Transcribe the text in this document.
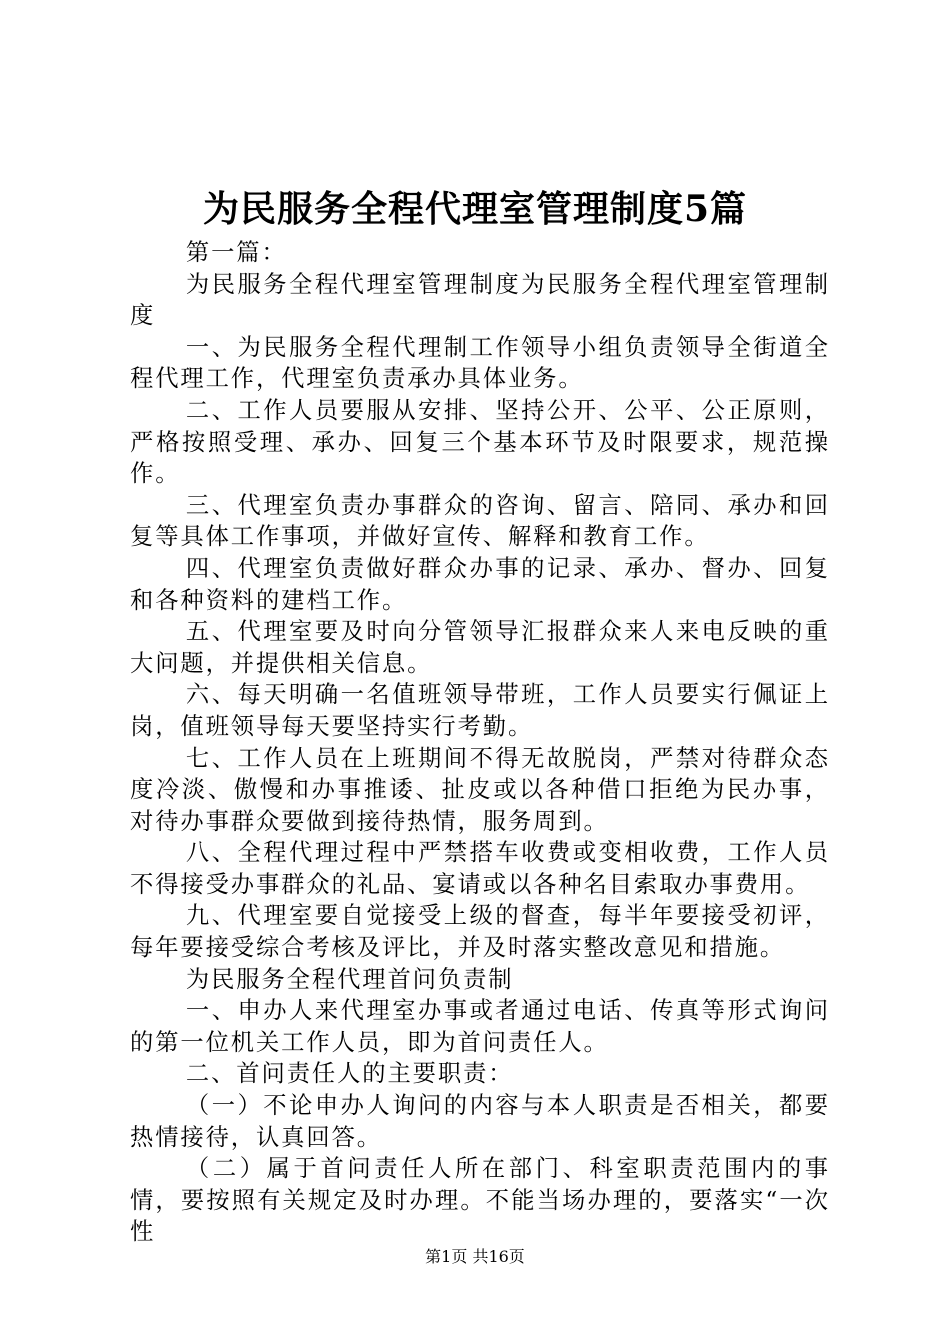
为民服务全程代理室管理制度5篇

第一篇：

为民服务全程代理室管理制度为民服务全程代理室管理制度

一、为民服务全程代理制工作领导小组负责领导全街道全程代理工作，代理室负责承办具体业务。

二、工作人员要服从安排、坚持公开、公平、公正原则，严格按照受理、承办、回复三个基本环节及时限要求，规范操作。

三、代理室负责办事群众的咨询、留言、陪同、承办和回复等具体工作事项，并做好宣传、解释和教育工作。

四、代理室负责做好群众办事的记录、承办、督办、回复和各种资料的建档工作。

五、代理室要及时向分管领导汇报群众来人来电反映的重大问题，并提供相关信息。

六、每天明确一名值班领导带班，工作人员要实行佩证上岗，值班领导每天要坚持实行考勤。

七、工作人员在上班期间不得无故脱岗，严禁对待群众态度冷淡、傲慢和办事推诿、扯皮或以各种借口拒绝为民办事，对待办事群众要做到接待热情，服务周到。

八、全程代理过程中严禁搭车收费或变相收费，工作人员不得接受办事群众的礼品、宴请或以各种名目索取办事费用。

九、代理室要自觉接受上级的督查，每半年要接受初评，每年要接受综合考核及评比，并及时落实整改意见和措施。

为民服务全程代理首问负责制

一、申办人来代理室办事或者通过电话、传真等形式询问的第一位机关工作人员，即为首问责任人。

二、首问责任人的主要职责：

（一）不论申办人询问的内容与本人职责是否相关，都要热情接待，认真回答。

（二）属于首问责任人所在部门、科室职责范围内的事情，要按照有关规定及时办理。不能当场办理的，要落实“一次性

第1页 共16页
